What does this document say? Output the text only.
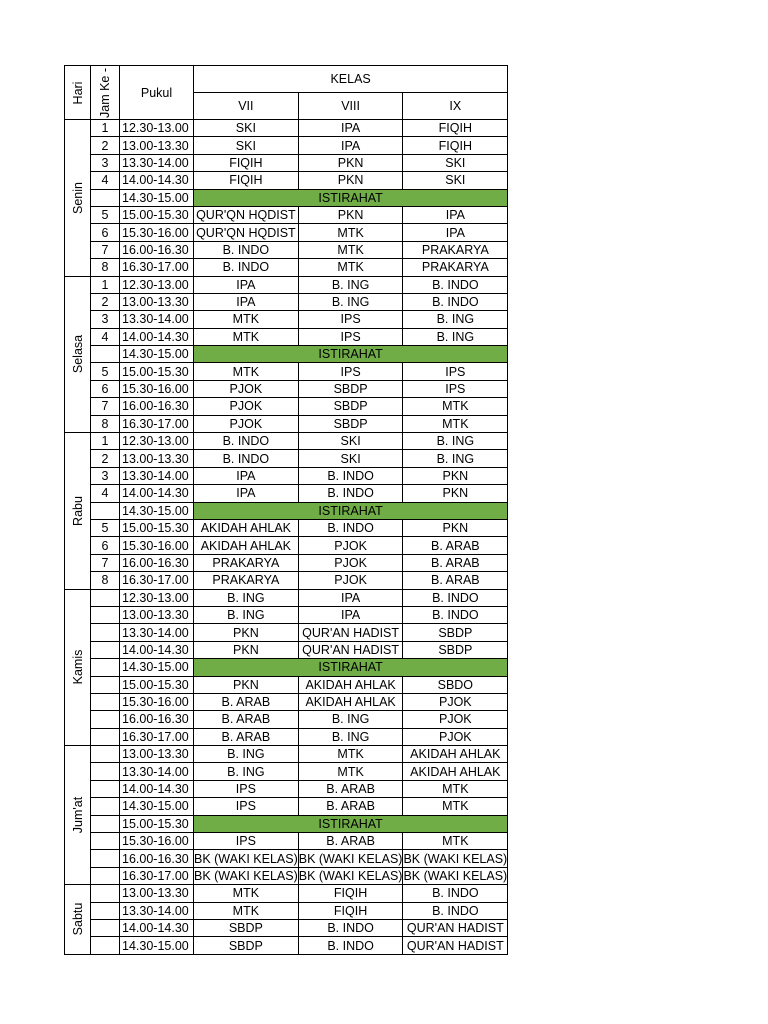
Hari	Jam Ke -	Pukul	KELAS		
			VII	VIII	IX

Senin	1	12.30-13.00	SKI	IPA	FIQIH
	2	13.00-13.30	SKI	IPA	FIQIH
	3	13.30-14.00	FIQIH	PKN	SKI
	4	14.00-14.30	FIQIH	PKN	SKI
		14.30-15.00	ISTIRAHAT		
	5	15.00-15.30	QUR'QN HQDIST	PKN	IPA
	6	15.30-16.00	QUR'QN HQDIST	MTK	IPA
	7	16.00-16.30	B. INDO	MTK	PRAKARYA
	8	16.30-17.00	B. INDO	MTK	PRAKARYA

Selasa	1	12.30-13.00	IPA	B. ING	B. INDO
	2	13.00-13.30	IPA	B. ING	B. INDO
	3	13.30-14.00	MTK	IPS	B. ING
	4	14.00-14.30	MTK	IPS	B. ING
		14.30-15.00	ISTIRAHAT		
	5	15.00-15.30	MTK	IPS	IPS
	6	15.30-16.00	PJOK	SBDP	IPS
	7	16.00-16.30	PJOK	SBDP	MTK
	8	16.30-17.00	PJOK	SBDP	MTK

Rabu	1	12.30-13.00	B. INDO	SKI	B. ING
	2	13.00-13.30	B. INDO	SKI	B. ING
	3	13.30-14.00	IPA	B. INDO	PKN
	4	14.00-14.30	IPA	B. INDO	PKN
		14.30-15.00	ISTIRAHAT		
	5	15.00-15.30	AKIDAH AHLAK	B. INDO	PKN
	6	15.30-16.00	AKIDAH AHLAK	PJOK	B. ARAB
	7	16.00-16.30	PRAKARYA	PJOK	B. ARAB
	8	16.30-17.00	PRAKARYA	PJOK	B. ARAB

Kamis		12.30-13.00	B. ING	IPA	B. INDO
		13.00-13.30	B. ING	IPA	B. INDO
		13.30-14.00	PKN	QUR'AN HADIST	SBDP
		14.00-14.30	PKN	QUR'AN HADIST	SBDP
		14.30-15.00	ISTIRAHAT		
		15.00-15.30	PKN	AKIDAH AHLAK	SBDO
		15.30-16.00	B. ARAB	AKIDAH AHLAK	PJOK
		16.00-16.30	B. ARAB	B. ING	PJOK
		16.30-17.00	B. ARAB	B. ING	PJOK

Jum'at		13.00-13.30	B. ING	MTK	AKIDAH AHLAK
		13.30-14.00	B. ING	MTK	AKIDAH AHLAK
		14.00-14.30	IPS	B. ARAB	MTK
		14.30-15.00	IPS	B. ARAB	MTK
		15.00-15.30	ISTIRAHAT		
		15.30-16.00	IPS	B. ARAB	MTK
		16.00-16.30	BK (WAKI KELAS)	BK (WAKI KELAS)	BK (WAKI KELAS)
		16.30-17.00	BK (WAKI KELAS)	BK (WAKI KELAS)	BK (WAKI KELAS)

Sabtu		13.00-13.30	MTK	FIQIH	B. INDO
		13.30-14.00	MTK	FIQIH	B. INDO
		14.00-14.30	SBDP	B. INDO	QUR'AN HADIST
		14.30-15.00	SBDP	B. INDO	QUR'AN HADIST
